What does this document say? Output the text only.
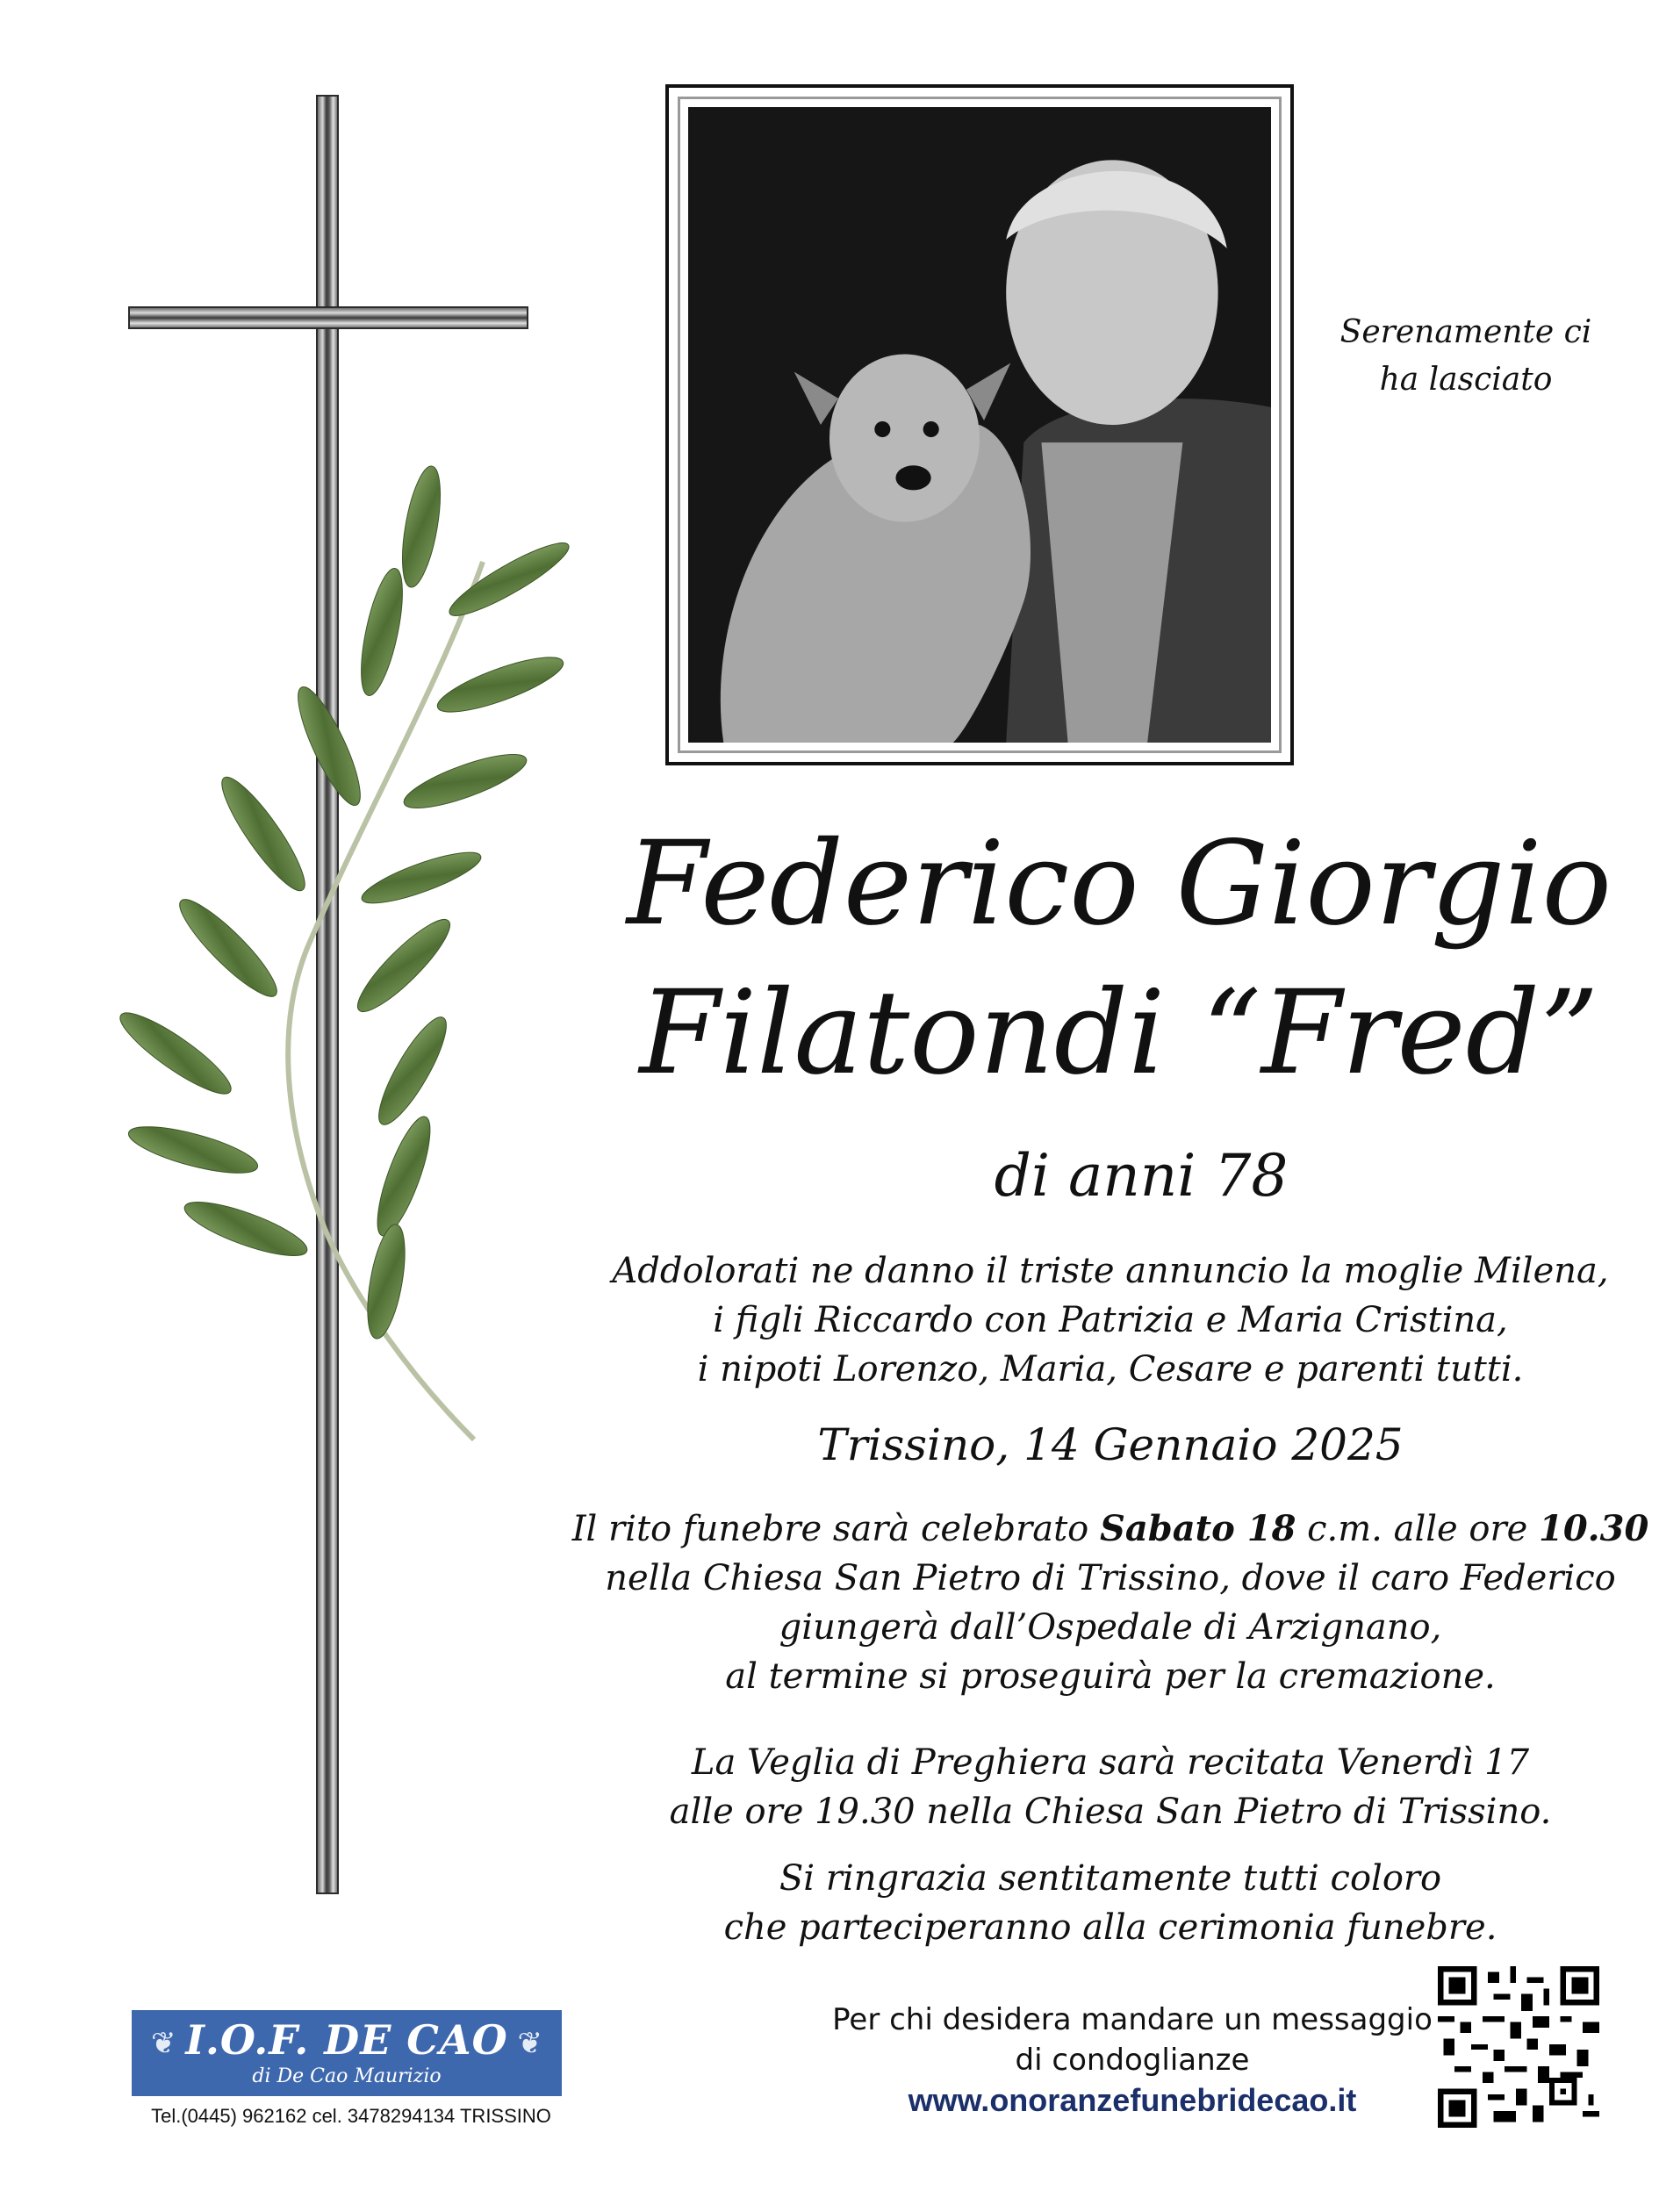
Serenamente ci
ha lasciato
Federico Giorgio
Filatondi “Fred”
di anni 78
Addolorati ne danno il triste annuncio la moglie Milena,
i figli Riccardo con Patrizia e Maria Cristina,
i nipoti Lorenzo, Maria, Cesare e parenti tutti.
Trissino, 14 Gennaio 2025
Il rito funebre sarà celebrato Sabato 18 c.m. alle ore 10.30
nella Chiesa San Pietro di Trissino, dove il caro Federico
giungerà dall’Ospedale di Arzignano,
al termine si proseguirà per la cremazione.
La Veglia di Preghiera sarà recitata Venerdì 17
alle ore 19.30 nella Chiesa San Pietro di Trissino.
Si ringrazia sentitamente tutti coloro
che parteciperanno alla cerimonia funebre.
❦	❦
I.O.F. DE CAO
di De Cao Maurizio
Tel.(0445) 962162 cel. 3478294134 TRISSINO
Per chi desidera mandare un messaggio
di condoglianze
www.onoranzefunebridecao.it
